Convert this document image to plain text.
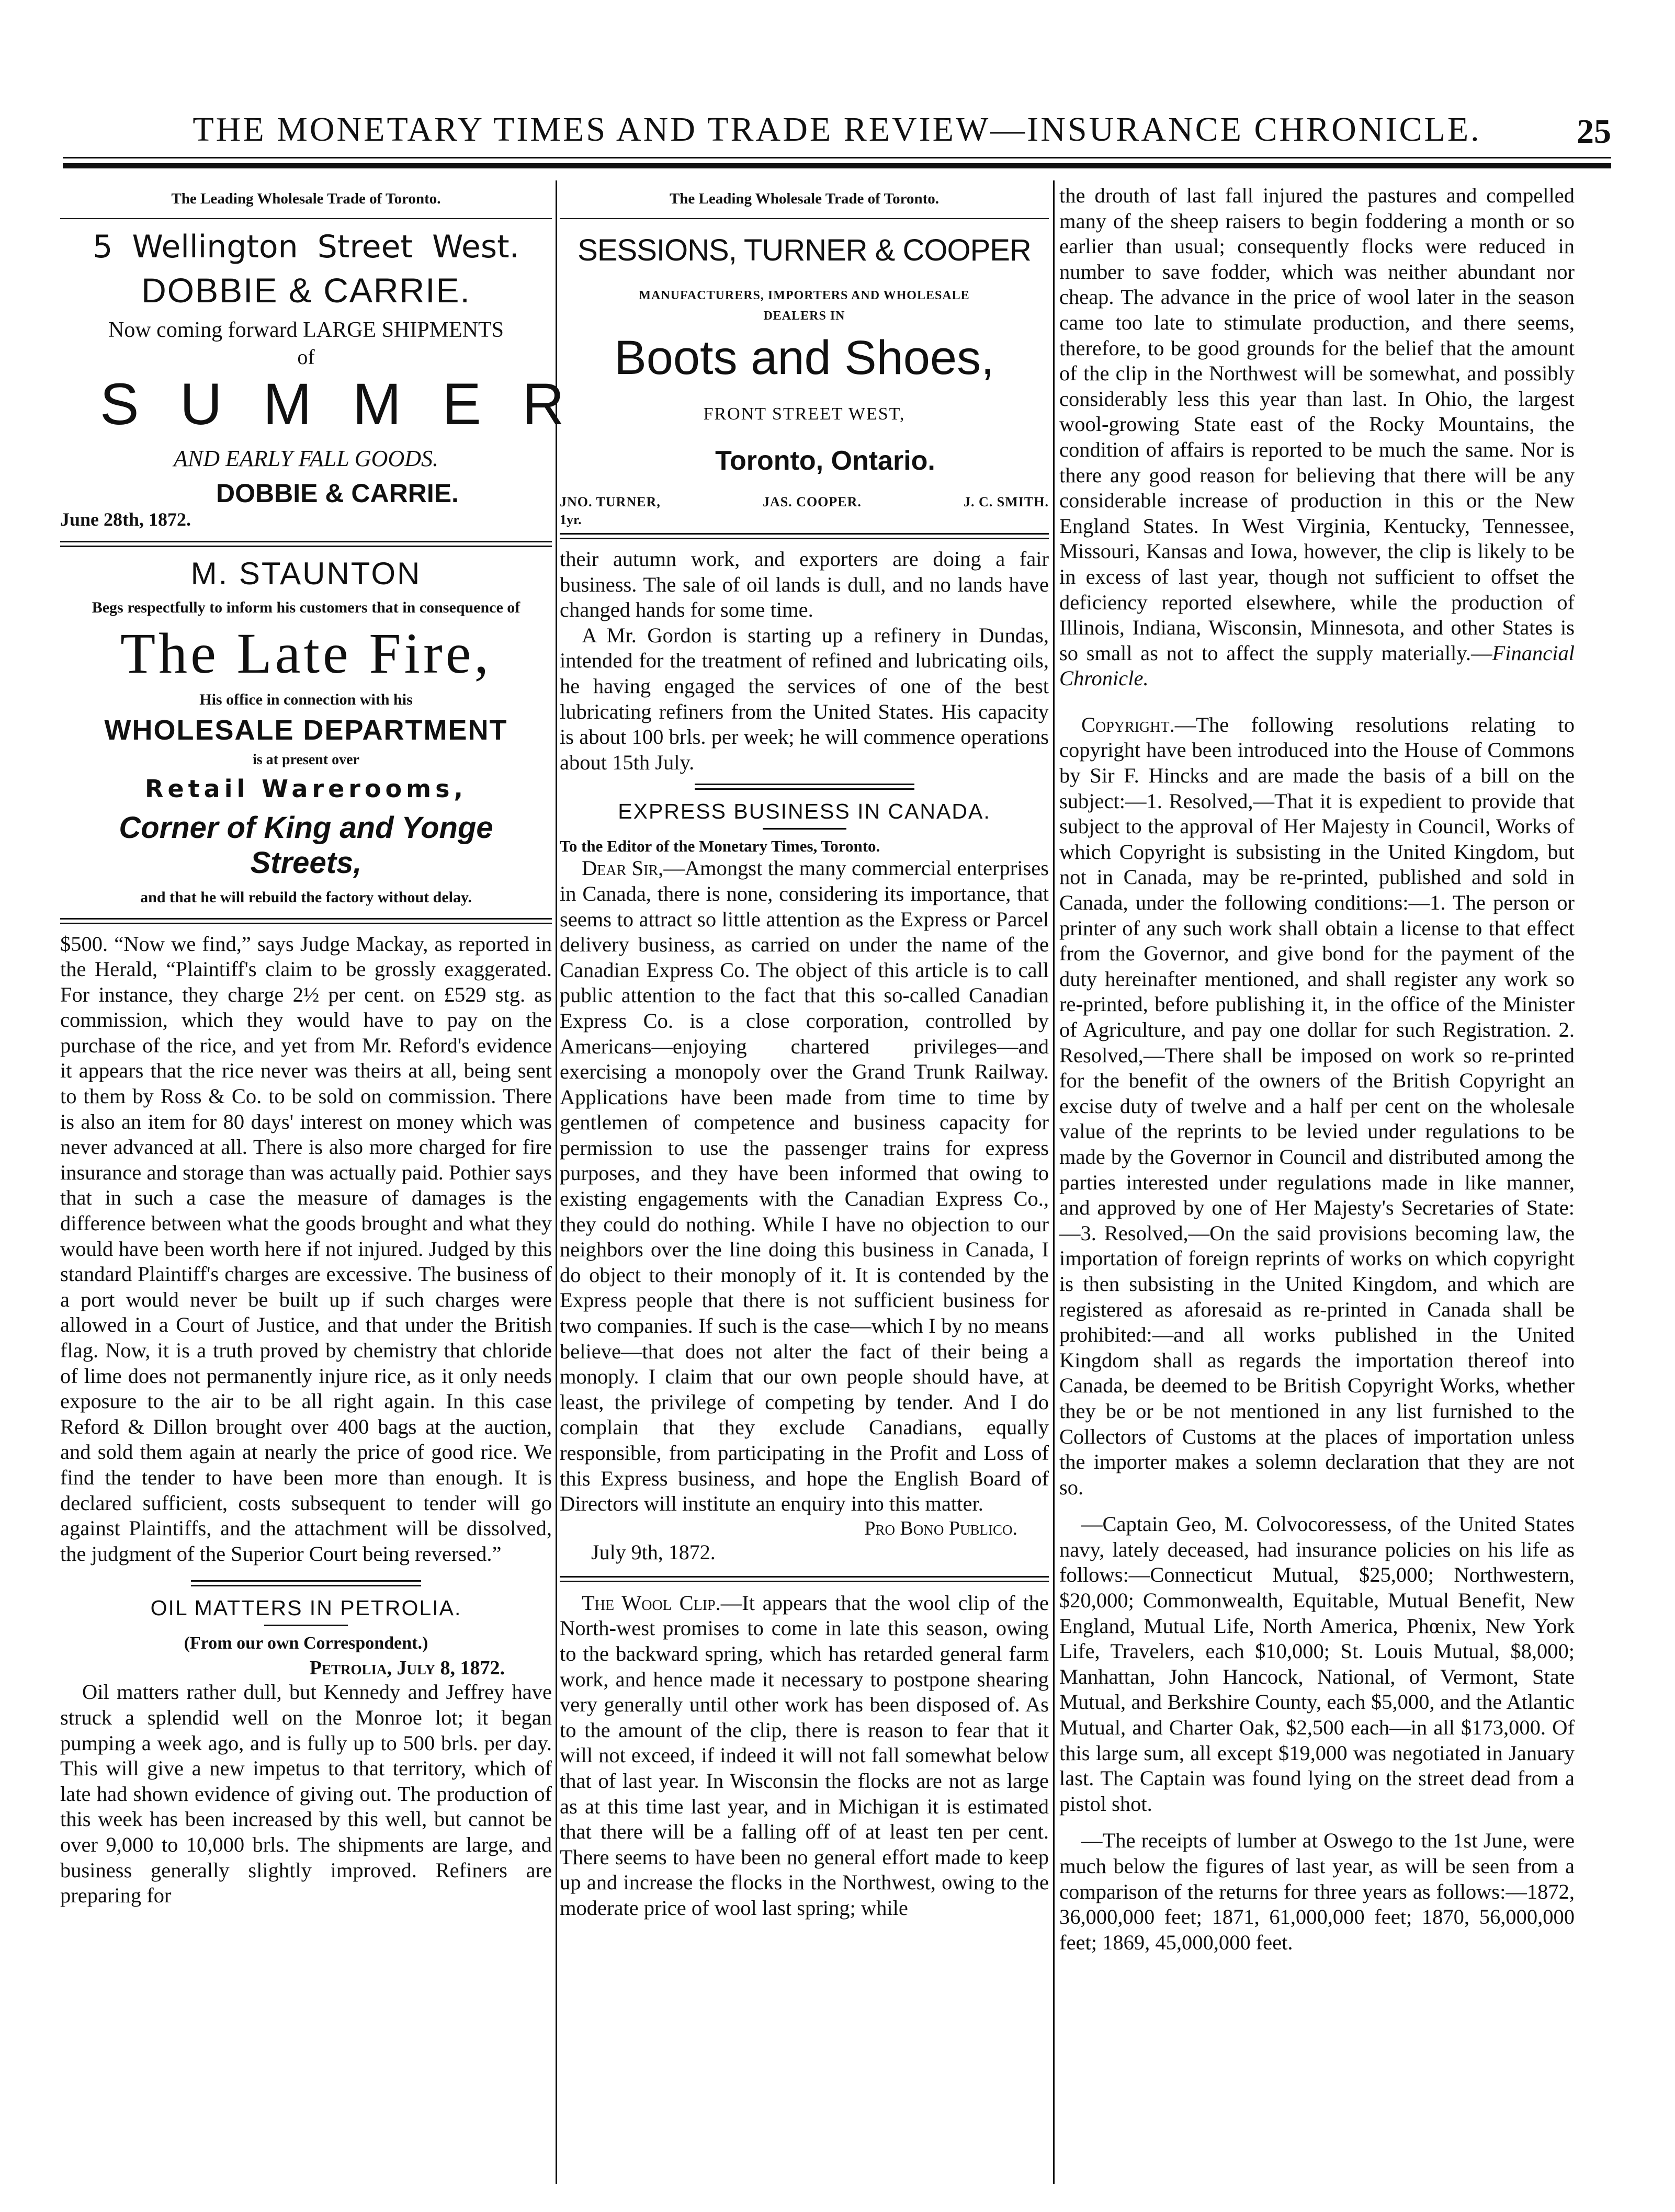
THE MONETARY TIMES AND TRADE REVIEW—INSURANCE CHRONICLE.	25
The Leading Wholesale Trade of Toronto.
5 Wellington Street West.
DOBBIE & CARRIE.
Now coming forward LARGE SHIPMENTS
of
SUMMER
AND EARLY FALL GOODS.
DOBBIE & CARRIE.
June 28th, 1872.
M. STAUNTON
Begs respectfully to inform his customers that in consequence of
The Late Fire,
His office in connection with his
WHOLESALE DEPARTMENT
is at present over
Retail Warerooms,
Corner of King and Yonge Streets,
and that he will rebuild the factory without delay.

$500. “Now we find,” says Judge Mackay, as reported in the Herald, “Plaintiff's claim to be grossly exaggerated. For instance, they charge 2½ per cent. on £529 stg. as commission, which they would have to pay on the purchase of the rice, and yet from Mr. Reford's evidence it appears that the rice never was theirs at all, being sent to them by Ross & Co. to be sold on commission. There is also an item for 80 days' interest on money which was never advanced at all. There is also more charged for fire insurance and storage than was actually paid. Pothier says that in such a case the measure of damages is the difference between what the goods brought and what they would have been worth here if not injured. Judged by this standard Plaintiff's charges are excessive. The business of a port would never be built up if such charges were allowed in a Court of Justice, and that under the British flag. Now, it is a truth proved by chemistry that chloride of lime does not permanently injure rice, as it only needs exposure to the air to be all right again. In this case Reford & Dillon brought over 400 bags at the auction, and sold them again at nearly the price of good rice. We find the tender to have been more than enough. It is declared sufficient, costs subsequent to tender will go against Plaintiffs, and the attachment will be dissolved, the judgment of the Superior Court being reversed.”

OIL MATTERS IN PETROLIA.
(From our own Correspondent.)
Petrolia, July 8, 1872.

Oil matters rather dull, but Kennedy and Jeffrey have struck a splendid well on the Monroe lot; it began pumping a week ago, and is fully up to 500 brls. per day. This will give a new impetus to that territory, which of late had shown evidence of giving out. The production of this week has been increased by this well, but cannot be over 9,000 to 10,000 brls. The shipments are large, and business generally slightly improved. Refiners are preparing for

The Leading Wholesale Trade of Toronto.
SESSIONS, TURNER & COOPER
MANUFACTURERS, IMPORTERS AND WHOLESALE
DEALERS IN
Boots and Shoes,
FRONT STREET WEST,
Toronto, Ontario.
JNO. TURNER,	JAS. COOPER.	J. C. SMITH.
1yr.

their autumn work, and exporters are doing a fair business. The sale of oil lands is dull, and no lands have changed hands for some time.

A Mr. Gordon is starting up a refinery in Dundas, intended for the treatment of refined and lubricating oils, he having engaged the services of one of the best lubricating refiners from the United States. His capacity is about 100 brls. per week; he will commence operations about 15th July.

EXPRESS BUSINESS IN CANADA.
To the Editor of the Monetary Times, Toronto.

Dear Sir,—Amongst the many commercial enterprises in Canada, there is none, considering its importance, that seems to attract so little attention as the Express or Parcel delivery business, as carried on under the name of the Canadian Express Co. The object of this article is to call public attention to the fact that this so-called Canadian Express Co. is a close corporation, controlled by Americans—enjoying chartered privileges—and exercising a monopoly over the Grand Trunk Railway. Applications have been made from time to time by gentlemen of competence and business capacity for permission to use the passenger trains for express purposes, and they have been informed that owing to existing engagements with the Canadian Express Co., they could do nothing. While I have no objection to our neighbors over the line doing this business in Canada, I do object to their monoply of it. It is contended by the Express people that there is not sufficient business for two companies. If such is the case—which I by no means believe—that does not alter the fact of their being a monoply. I claim that our own people should have, at least, the privilege of competing by tender. And I do complain that they exclude Canadians, equally responsible, from participating in the Profit and Loss of this Express business, and hope the English Board of Directors will institute an enquiry into this matter.

Pro Bono Publico.
July 9th, 1872.

The Wool Clip.—It appears that the wool clip of the North-west promises to come in late this season, owing to the backward spring, which has retarded general farm work, and hence made it necessary to postpone shearing very generally until other work has been disposed of. As to the amount of the clip, there is reason to fear that it will not exceed, if indeed it will not fall somewhat below that of last year. In Wisconsin the flocks are not as large as at this time last year, and in Michigan it is estimated that there will be a falling off of at least ten per cent. There seems to have been no general effort made to keep up and increase the flocks in the Northwest, owing to the moderate price of wool last spring; while

the drouth of last fall injured the pastures and compelled many of the sheep raisers to begin foddering a month or so earlier than usual; consequently flocks were reduced in number to save fodder, which was neither abundant nor cheap. The advance in the price of wool later in the season came too late to stimulate production, and there seems, therefore, to be good grounds for the belief that the amount of the clip in the Northwest will be somewhat, and possibly considerably less this year than last. In Ohio, the largest wool-growing State east of the Rocky Mountains, the condition of affairs is reported to be much the same. Nor is there any good reason for believing that there will be any considerable increase of production in this or the New England States. In West Virginia, Kentucky, Tennessee, Missouri, Kansas and Iowa, however, the clip is likely to be in excess of last year, though not sufficient to offset the deficiency reported elsewhere, while the production of Illinois, Indiana, Wisconsin, Minnesota, and other States is so small as not to affect the supply materially.—Financial Chronicle.

Copyright.—The following resolutions relating to copyright have been introduced into the House of Commons by Sir F. Hincks and are made the basis of a bill on the subject:—1. Resolved,—That it is expedient to provide that subject to the approval of Her Majesty in Council, Works of which Copyright is subsisting in the United Kingdom, but not in Canada, may be re-printed, published and sold in Canada, under the following conditions:—1. The person or printer of any such work shall obtain a license to that effect from the Governor, and give bond for the payment of the duty hereinafter mentioned, and shall register any work so re-printed, before publishing it, in the office of the Minister of Agriculture, and pay one dollar for such Registration. 2. Resolved,—There shall be imposed on work so re-printed for the benefit of the owners of the British Copyright an excise duty of twelve and a half per cent on the wholesale value of the reprints to be levied under regulations to be made by the Governor in Council and distributed among the parties interested under regulations made in like manner, and approved by one of Her Majesty's Secretaries of State:—3. Resolved,—On the said provisions becoming law, the importation of foreign reprints of works on which copyright is then subsisting in the United Kingdom, and which are registered as aforesaid as re-printed in Canada shall be prohibited:—and all works published in the United Kingdom shall as regards the importation thereof into Canada, be deemed to be British Copyright Works, whether they be or be not mentioned in any list furnished to the Collectors of Customs at the places of importation unless the importer makes a solemn declaration that they are not so.

—Captain Geo, M. Colvocoressess, of the United States navy, lately deceased, had insurance policies on his life as follows:—Connecticut Mutual, $25,000; Northwestern, $20,000; Commonwealth, Equitable, Mutual Benefit, New England, Mutual Life, North America, Phœnix, New York Life, Travelers, each $10,000; St. Louis Mutual, $8,000; Manhattan, John Hancock, National, of Vermont, State Mutual, and Berkshire County, each $5,000, and the Atlantic Mutual, and Charter Oak, $2,500 each—in all $173,000. Of this large sum, all except $19,000 was negotiated in January last. The Captain was found lying on the street dead from a pistol shot.

—The receipts of lumber at Oswego to the 1st June, were much below the figures of last year, as will be seen from a comparison of the returns for three years as follows:—1872, 36,000,000 feet; 1871, 61,000,000 feet; 1870, 56,000,000 feet; 1869, 45,000,000 feet.
